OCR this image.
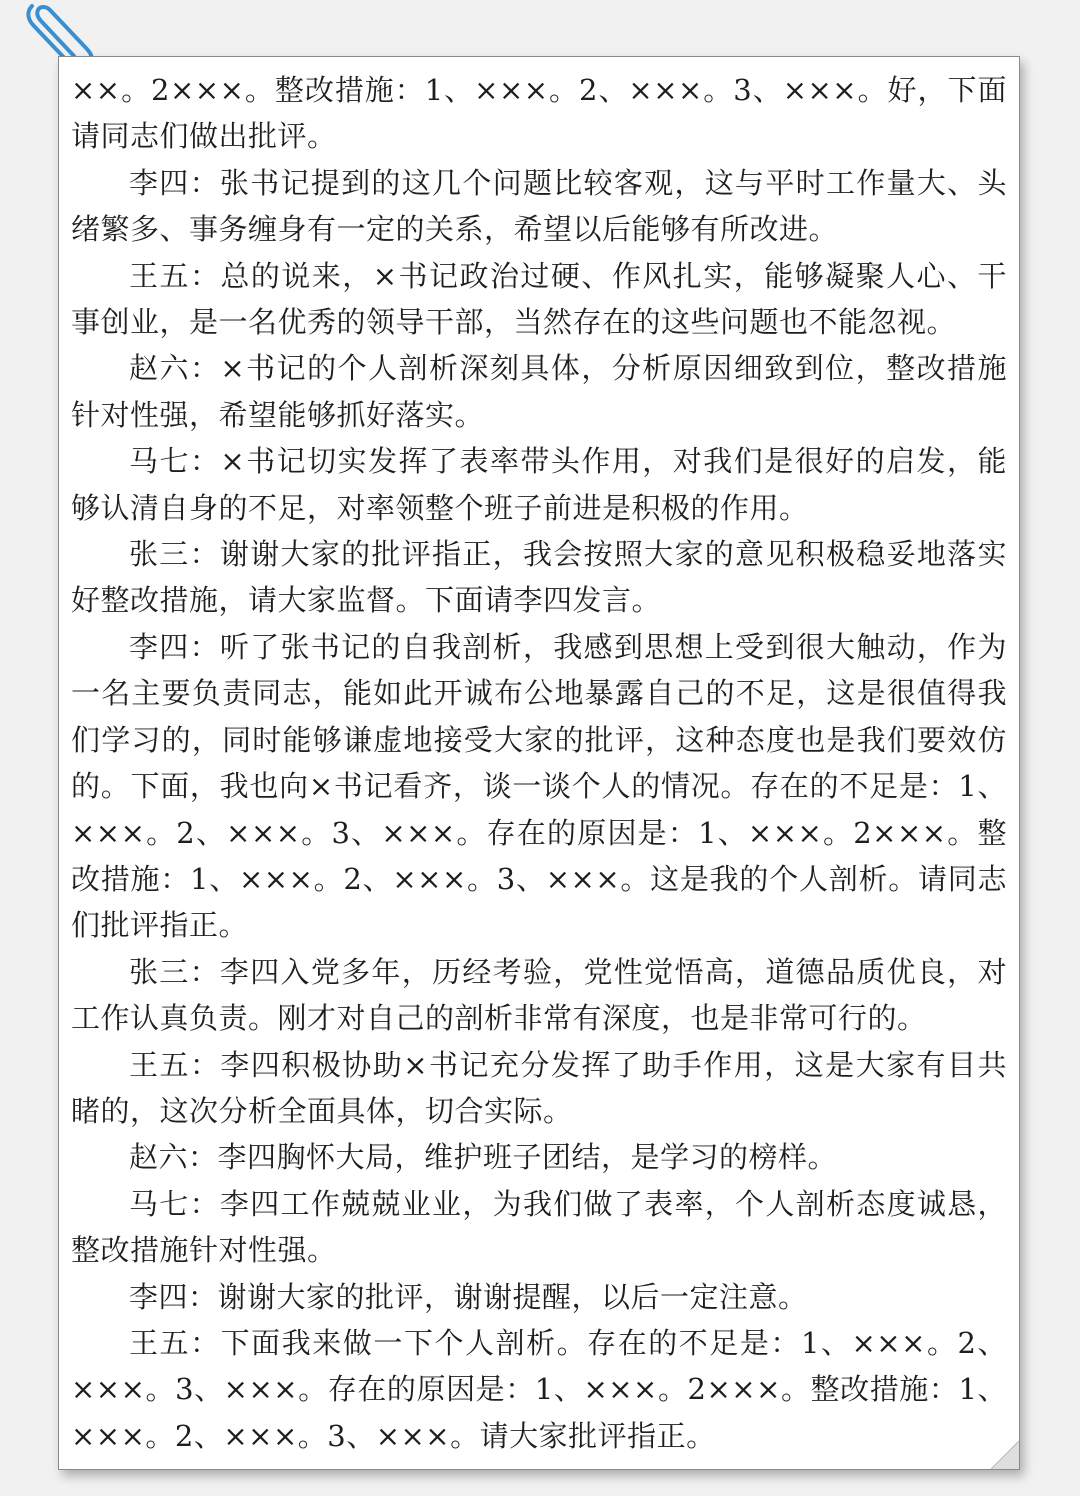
××。2×××。整改措施：1、×××。2、×××。3、×××。好，下面请同志们做出批评。

李四：张书记提到的这几个问题比较客观，这与平时工作量大、头绪繁多、事务缠身有一定的关系，希望以后能够有所改进。

王五：总的说来，×书记政治过硬、作风扎实，能够凝聚人心、干事创业，是一名优秀的领导干部，当然存在的这些问题也不能忽视。

赵六：×书记的个人剖析深刻具体，分析原因细致到位，整改措施针对性强，希望能够抓好落实。

马七：×书记切实发挥了表率带头作用，对我们是很好的启发，能够认清自身的不足，对率领整个班子前进是积极的作用。

张三：谢谢大家的批评指正，我会按照大家的意见积极稳妥地落实好整改措施，请大家监督。下面请李四发言。

李四：听了张书记的自我剖析，我感到思想上受到很大触动，作为一名主要负责同志，能如此开诚布公地暴露自己的不足，这是很值得我们学习的，同时能够谦虚地接受大家的批评，这种态度也是我们要效仿的。下面，我也向×书记看齐，谈一谈个人的情况。存在的不足是：1、×××。2、×××。3、×××。存在的原因是：1、×××。2×××。整改措施：1、×××。2、×××。3、×××。这是我的个人剖析。请同志们批评指正。

张三：李四入党多年，历经考验，党性觉悟高，道德品质优良，对工作认真负责。刚才对自己的剖析非常有深度，也是非常可行的。

王五：李四积极协助×书记充分发挥了助手作用，这是大家有目共睹的，这次分析全面具体，切合实际。

赵六：李四胸怀大局，维护班子团结，是学习的榜样。

马七：李四工作兢兢业业，为我们做了表率，个人剖析态度诚恳，整改措施针对性强。

李四：谢谢大家的批评，谢谢提醒，以后一定注意。

王五：下面我来做一下个人剖析。存在的不足是：1、×××。2、×××。3、×××。存在的原因是：1、×××。2×××。整改措施：1、×××。2、×××。3、×××。请大家批评指正。
